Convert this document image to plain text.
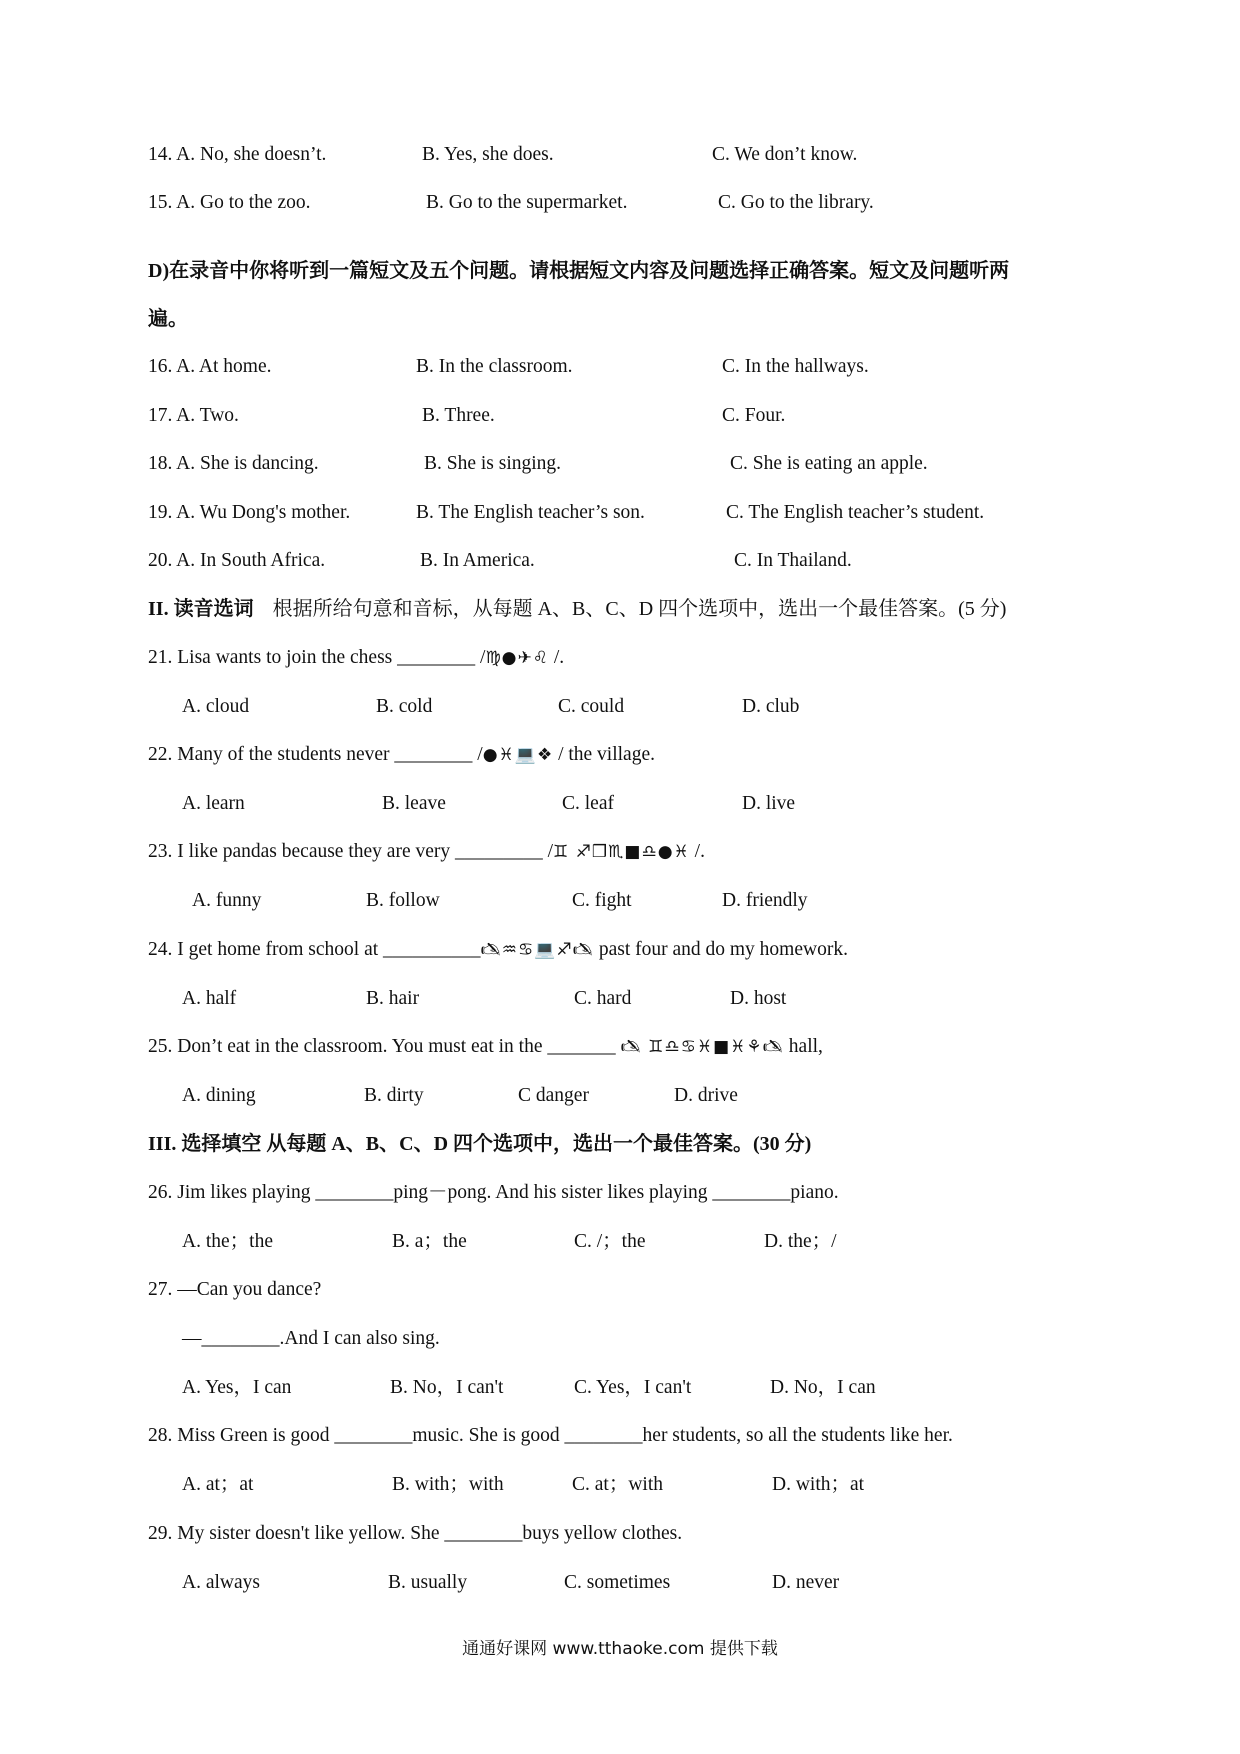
14. A. No, she doesn’t.	B. Yes, she does.	C. We don’t know.
15. A. Go to the zoo.	B. Go to the supermarket.	C. Go to the library.
D)在录音中你将听到一篇短文及五个问题。请根据短文内容及问题选择正确答案。短文及问题听两
遍。
16. A. At home.	B. In the classroom.	C. In the hallways.
17. A. Two.	B. Three.	C. Four.
18. A. She is dancing.	B. She is singing.	C. She is eating an apple.
19. A. Wu Dong's mother.	B. The English teacher’s son.	C. The English teacher’s student.
20. A. In South Africa.	B. In America.	C. In Thailand.
II. 读音选词 根据所给句意和音标，从每题 A、B、C、D 四个选项中，选出一个最佳答案。(5 分)
21. Lisa wants to join the chess ________ /♍●✈♌ /.
A. cloud	B. cold	C. could	D. club
22. Many of the students never ________ /●♓💻❖ / the village.
A. learn	B. leave	C. leaf	D. live
23. I like pandas because they are very _________ /♊ ♐❒♏■♎●♓ /.
A. funny	B. follow	C. fight	D. friendly
24. I get home from school at __________🖎♒♋💻♐🖎 past four and do my homework.
A. half	B. hair	C. hard	D. host
25. Don’t eat in the classroom. You must eat in the _______ 🖎 ♊♎♋♓■♓⚘🖎 hall,
A. dining	B. dirty	C danger	D. drive
III. 选择填空 从每题 A、B、C、D 四个选项中，选出一个最佳答案。(30 分)
26. Jim likes playing ________ping－pong. And his sister likes playing ________piano.
A. the；the	B. a；the	C. /；the	D. the；/
27. —Can you dance?
—________.And I can also sing.
A. Yes，I can	B. No，I can't	C. Yes，I can't	D. No，I can
28. Miss Green is good ________music. She is good ________her students, so all the students like her.
A. at；at	B. with；with	C. at；with	D. with；at
29. My sister doesn't like yellow. She ________buys yellow clothes.
A. always	B. usually	C. sometimes	D. never
通通好课网 www.tthaoke.com 提供下载
